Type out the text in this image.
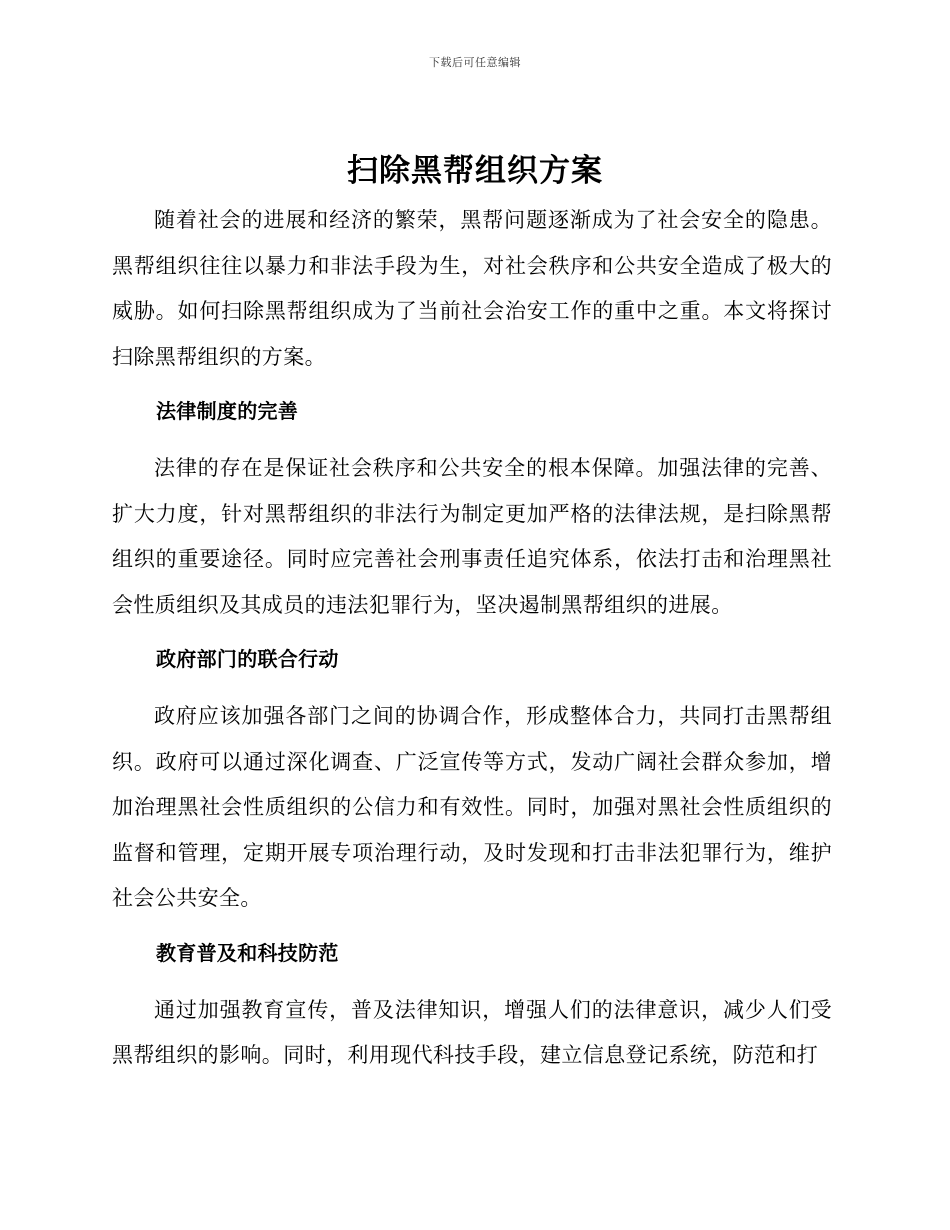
下载后可任意编辑
扫除黑帮组织方案

随着社会的进展和经济的繁荣，黑帮问题逐渐成为了社会安全的隐患。黑帮组织往往以暴力和非法手段为生，对社会秩序和公共安全造成了极大的威胁。如何扫除黑帮组织成为了当前社会治安工作的重中之重。本文将探讨扫除黑帮组织的方案。

法律制度的完善

法律的存在是保证社会秩序和公共安全的根本保障。加强法律的完善、扩大力度，针对黑帮组织的非法行为制定更加严格的法律法规，是扫除黑帮组织的重要途径。同时应完善社会刑事责任追究体系，依法打击和治理黑社会性质组织及其成员的违法犯罪行为，坚决遏制黑帮组织的进展。

政府部门的联合行动

政府应该加强各部门之间的协调合作，形成整体合力，共同打击黑帮组织。政府可以通过深化调查、广泛宣传等方式，发动广阔社会群众参加，增加治理黑社会性质组织的公信力和有效性。同时，加强对黑社会性质组织的监督和管理，定期开展专项治理行动，及时发现和打击非法犯罪行为，维护社会公共安全。

教育普及和科技防范

通过加强教育宣传，普及法律知识，增强人们的法律意识，减少人们受黑帮组织的影响。同时，利用现代科技手段，建立信息登记系统，防范和打
